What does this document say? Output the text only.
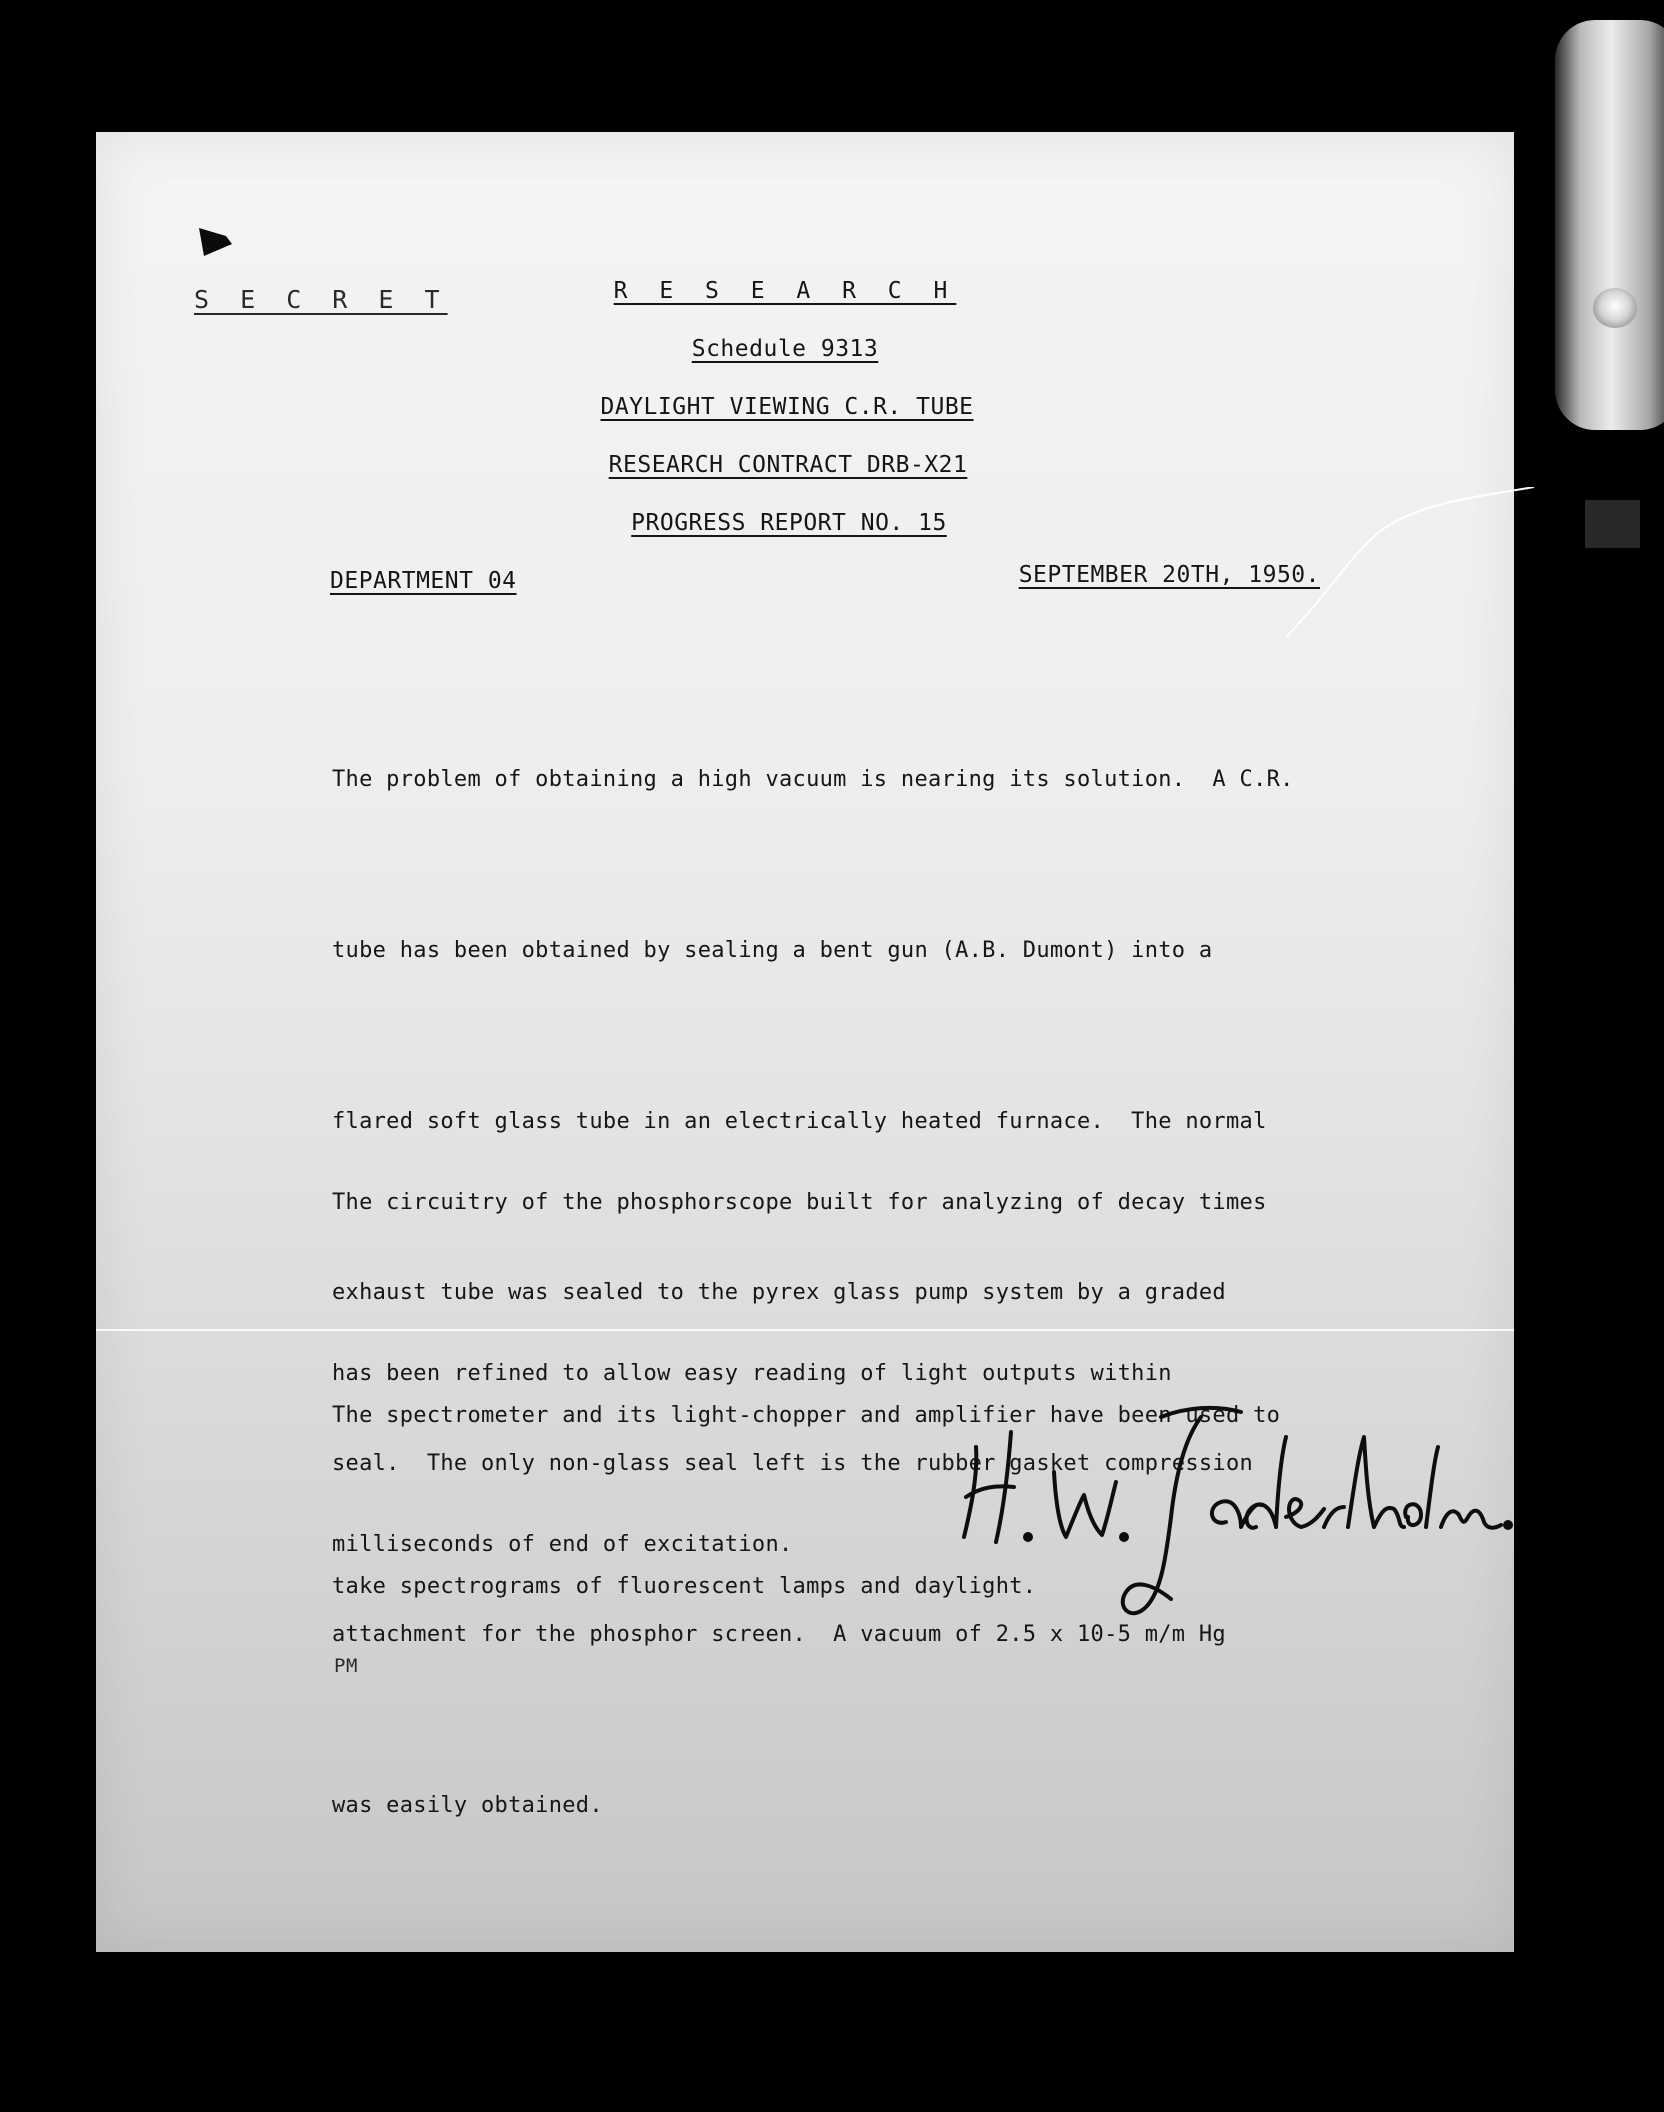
S E C R E T	R E S E A R C H
Schedule 9313
DAYLIGHT VIEWING C.R. TUBE
RESEARCH CONTRACT DRB-X21
PROGRESS REPORT NO. 15
DEPARTMENT 04	SEPTEMBER 20TH, 1950.

The problem of obtaining a high vacuum is nearing its solution.  A C.R.

tube has been obtained by sealing a bent gun (A.B. Dumont) into a

flared soft glass tube in an electrically heated furnace.  The normal

exhaust tube was sealed to the pyrex glass pump system by a graded

seal.  The only non-glass seal left is the rubber gasket compression

attachment for the phosphor screen.  A vacuum of 2.5 x 10-5 m/m Hg

was easily obtained.

The circuitry of the phosphorscope built for analyzing of decay times

has been refined to allow easy reading of light outputs within

milliseconds of end of excitation.

The spectrometer and its light-chopper and amplifier have been used to

take spectrograms of fluorescent lamps and daylight.

PM
